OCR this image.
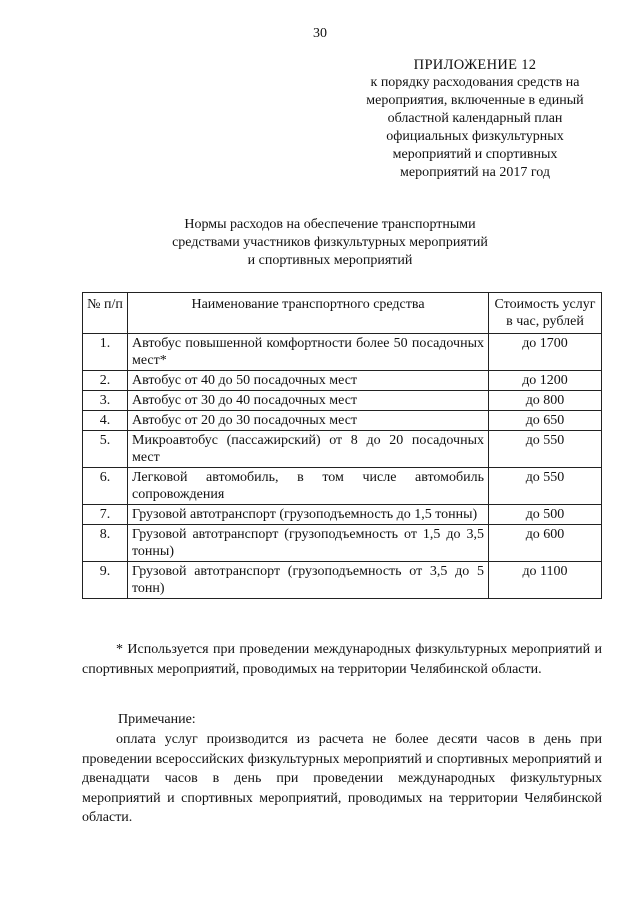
30
ПРИЛОЖЕНИЕ 12
к порядку расходования средств на
мероприятия, включенные в единый
областной календарный план
официальных физкультурных
мероприятий и спортивных
мероприятий на 2017 год
Нормы расходов на обеспечение транспортными
средствами участников физкультурных мероприятий
и спортивных мероприятий
№ п/п	Наименование транспортного средства	Стоимость услуг в час, рублей
1.	Автобус повышенной комфортности более 50 посадочных мест*	до 1700
2.	Автобус от 40 до 50 посадочных мест	до 1200
3.	Автобус от 30 до 40 посадочных мест	до 800
4.	Автобус от 20 до 30 посадочных мест	до 650
5.	Микроавтобус (пассажирский) от 8 до 20 посадочных мест	до 550
6.	Легковой автомобиль, в том числе автомобиль сопровождения	до 550
7.	Грузовой автотранспорт (грузоподъемность до 1,5 тонны)	до 500
8.	Грузовой автотранспорт (грузоподъемность от 1,5 до 3,5 тонны)	до 600
9.	Грузовой автотранспорт (грузоподъемность от 3,5 до 5 тонн)	до 1100
* Используется при проведении международных физкультурных мероприятий и спортивных мероприятий, проводимых на территории Челябинской области.
Примечание:
оплата услуг производится из расчета не более десяти часов в день при проведении всероссийских физкультурных мероприятий и спортивных мероприятий и двенадцати часов в день при проведении международных физкультурных мероприятий и спортивных мероприятий, проводимых на территории Челябинской области.
